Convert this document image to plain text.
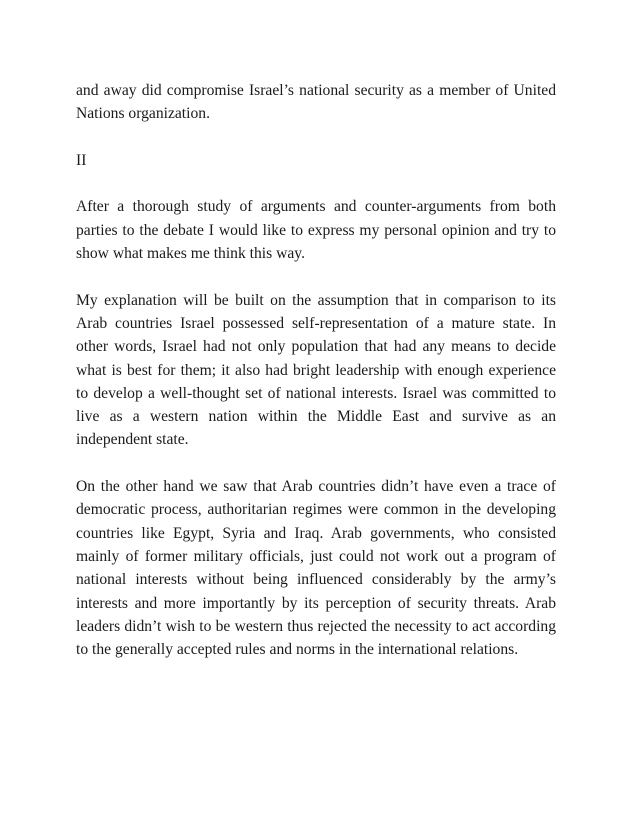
and away did compromise Israel’s national security as a member of United Nations organization.

II

After a thorough study of arguments and counter-arguments from both parties to the debate I would like to express my personal opinion and try to show what makes me think this way.

My explanation will be built on the assumption that in comparison to its Arab countries Israel possessed self-representation of a mature state. In other words, Israel had not only population that had any means to decide what is best for them; it also had bright leadership with enough experience to develop a well-thought set of national interests. Israel was committed to live as a western nation within the Middle East and survive as an independent state.

On the other hand we saw that Arab countries didn’t have even a trace of democratic process, authoritarian regimes were common in the developing countries like Egypt, Syria and Iraq. Arab governments, who consisted mainly of former military officials, just could not work out a program of national interests without being influenced considerably by the army’s interests and more importantly by its perception of security threats. Arab leaders didn’t wish to be western thus rejected the necessity to act according to the generally accepted rules and norms in the international relations.
